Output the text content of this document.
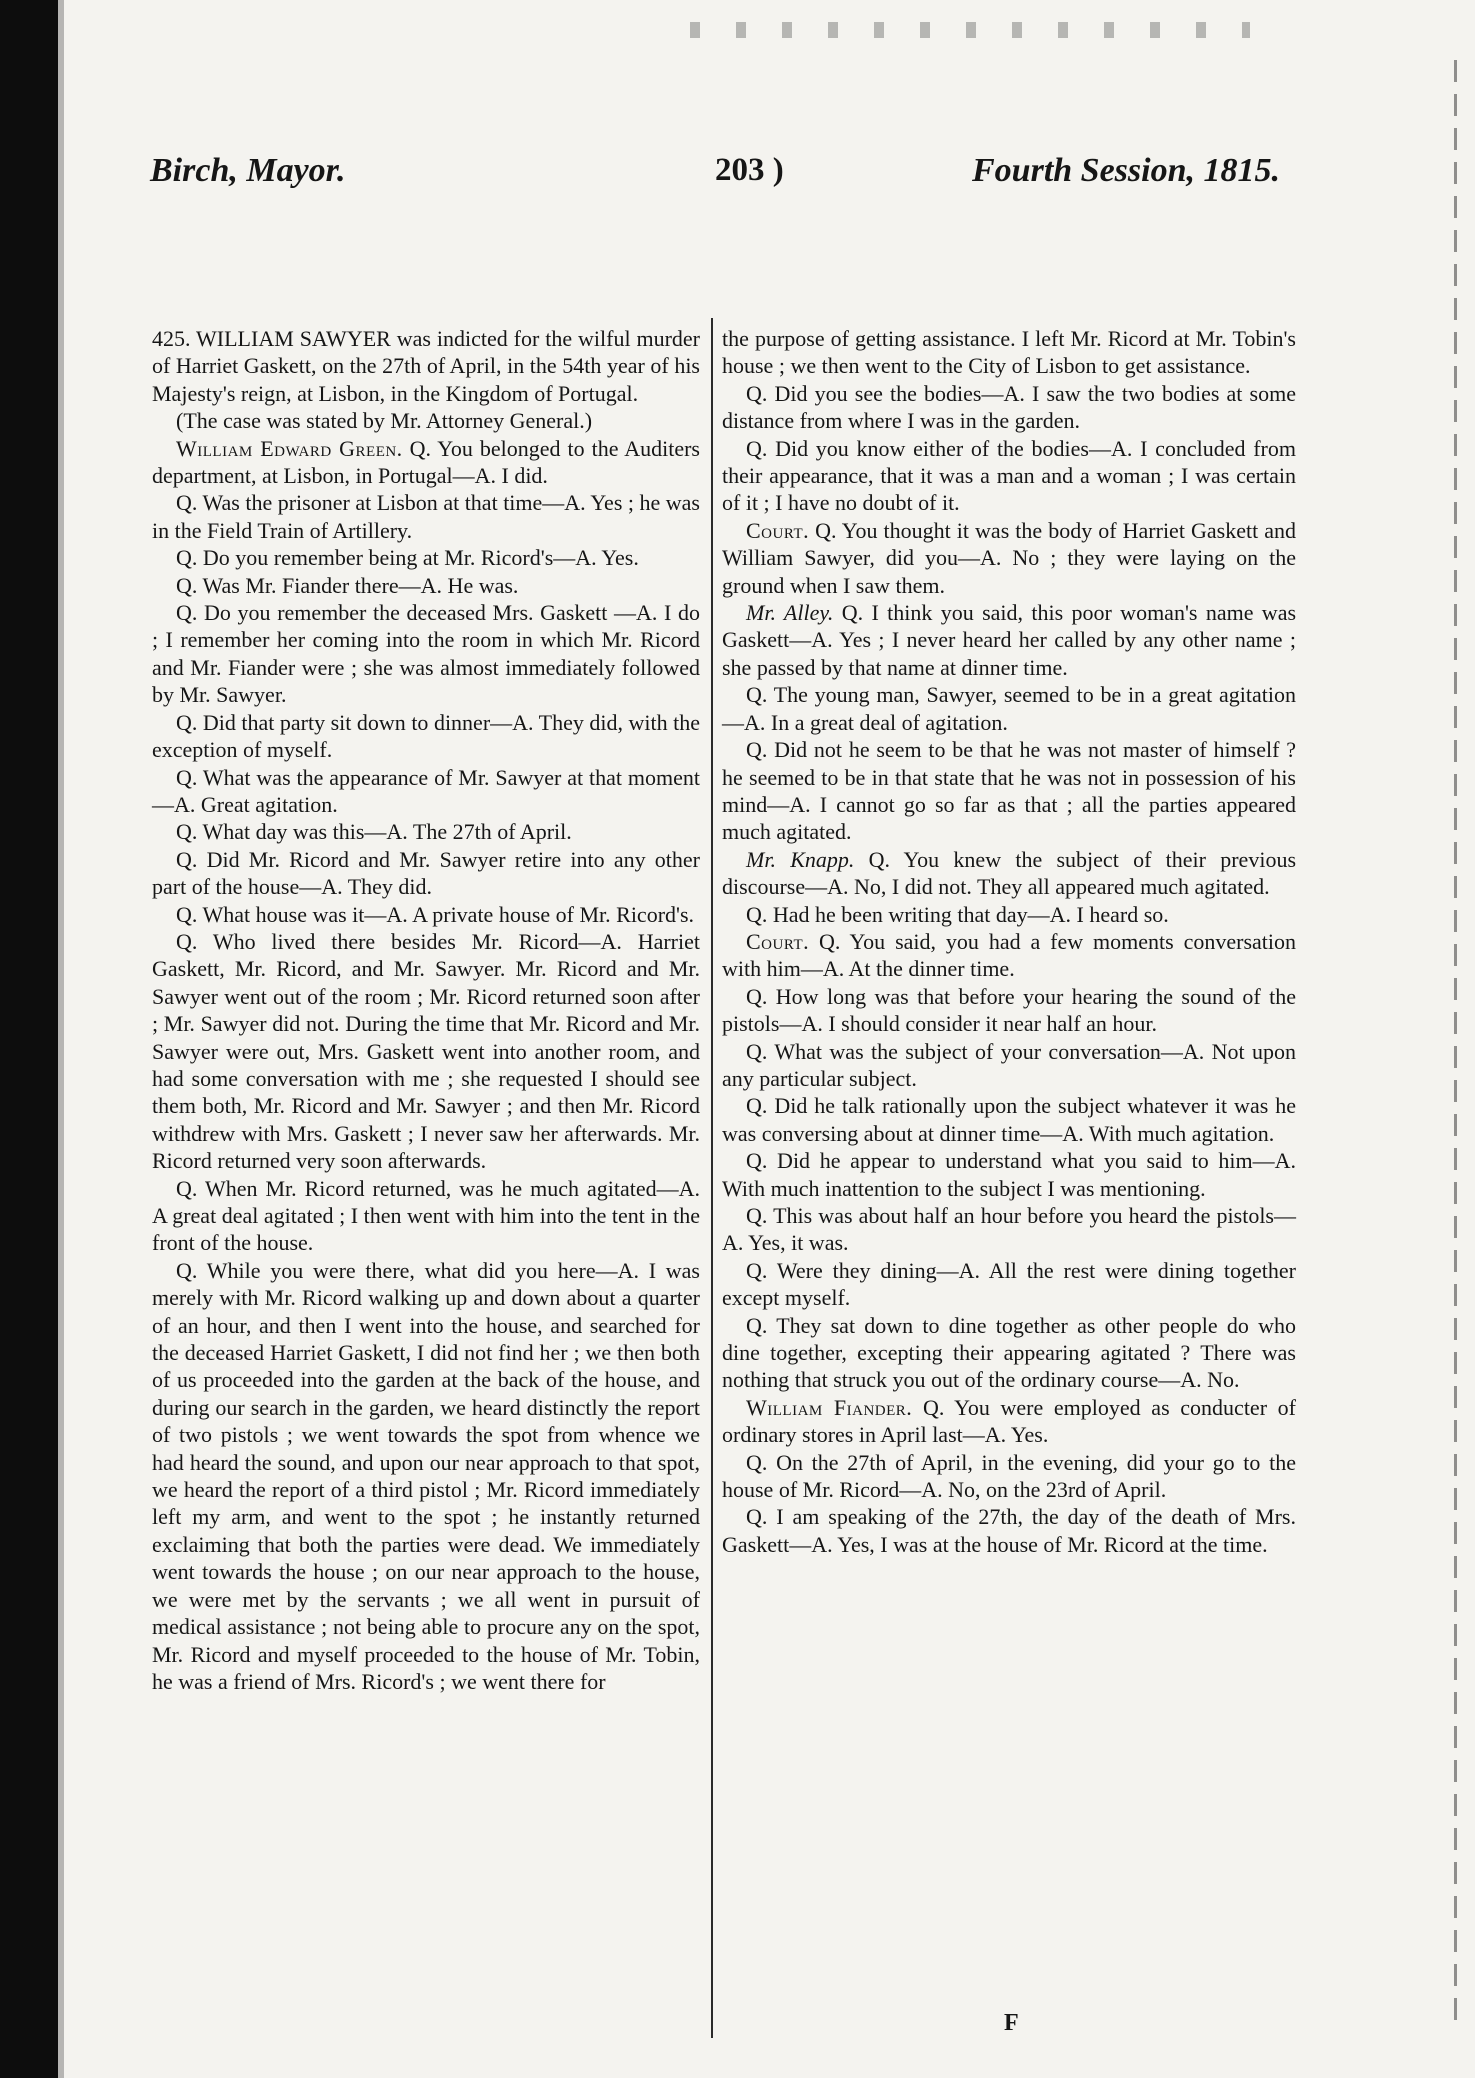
Birch, Mayor.	203 )	Fourth Session, 1815.

425. WILLIAM SAWYER was indicted for the wilful murder of Harriet Gaskett, on the 27th of April, in the 54th year of his Majesty's reign, at Lisbon, in the Kingdom of Portugal.

(The case was stated by Mr. Attorney General.)

William Edward Green. Q. You belonged to the Auditers department, at Lisbon, in Portugal—A. I did.

Q. Was the prisoner at Lisbon at that time—A. Yes ; he was in the Field Train of Artillery.

Q. Do you remember being at Mr. Ricord's—A. Yes.

Q. Was Mr. Fiander there—A. He was.

Q. Do you remember the deceased Mrs. Gaskett —A. I do ; I remember her coming into the room in which Mr. Ricord and Mr. Fiander were ; she was almost immediately followed by Mr. Sawyer.

Q. Did that party sit down to dinner—A. They did, with the exception of myself.

Q. What was the appearance of Mr. Sawyer at that moment—A. Great agitation.

Q. What day was this—A. The 27th of April.

Q. Did Mr. Ricord and Mr. Sawyer retire into any other part of the house—A. They did.

Q. What house was it—A. A private house of Mr. Ricord's.

Q. Who lived there besides Mr. Ricord—A. Harriet Gaskett, Mr. Ricord, and Mr. Sawyer. Mr. Ricord and Mr. Sawyer went out of the room ; Mr. Ricord returned soon after ; Mr. Sawyer did not. During the time that Mr. Ricord and Mr. Sawyer were out, Mrs. Gaskett went into another room, and had some conversation with me ; she requested I should see them both, Mr. Ricord and Mr. Sawyer ; and then Mr. Ricord withdrew with Mrs. Gaskett ; I never saw her afterwards. Mr. Ricord returned very soon afterwards.

Q. When Mr. Ricord returned, was he much agitated—A. A great deal agitated ; I then went with him into the tent in the front of the house.

Q. While you were there, what did you here—A. I was merely with Mr. Ricord walking up and down about a quarter of an hour, and then I went into the house, and searched for the deceased Harriet Gaskett, I did not find her ; we then both of us proceeded into the garden at the back of the house, and during our search in the garden, we heard distinctly the report of two pistols ; we went towards the spot from whence we had heard the sound, and upon our near approach to that spot, we heard the report of a third pistol ; Mr. Ricord immediately left my arm, and went to the spot ; he instantly returned exclaiming that both the parties were dead. We immediately went towards the house ; on our near approach to the house, we were met by the servants ; we all went in pursuit of medical assistance ; not being able to procure any on the spot, Mr. Ricord and myself proceeded to the house of Mr. Tobin, he was a friend of Mrs. Ricord's ; we went there for

the purpose of getting assistance. I left Mr. Ricord at Mr. Tobin's house ; we then went to the City of Lisbon to get assistance.

Q. Did you see the bodies—A. I saw the two bodies at some distance from where I was in the garden.

Q. Did you know either of the bodies—A. I concluded from their appearance, that it was a man and a woman ; I was certain of it ; I have no doubt of it.

Court. Q. You thought it was the body of Harriet Gaskett and William Sawyer, did you—A. No ; they were laying on the ground when I saw them.

Mr. Alley. Q. I think you said, this poor woman's name was Gaskett—A. Yes ; I never heard her called by any other name ; she passed by that name at dinner time.

Q. The young man, Sawyer, seemed to be in a great agitation—A. In a great deal of agitation.

Q. Did not he seem to be that he was not master of himself ? he seemed to be in that state that he was not in possession of his mind—A. I cannot go so far as that ; all the parties appeared much agitated.

Mr. Knapp. Q. You knew the subject of their previous discourse—A. No, I did not. They all appeared much agitated.

Q. Had he been writing that day—A. I heard so.

Court. Q. You said, you had a few moments conversation with him—A. At the dinner time.

Q. How long was that before your hearing the sound of the pistols—A. I should consider it near half an hour.

Q. What was the subject of your conversation—A. Not upon any particular subject.

Q. Did he talk rationally upon the subject whatever it was he was conversing about at dinner time—A. With much agitation.

Q. Did he appear to understand what you said to him—A. With much inattention to the subject I was mentioning.

Q. This was about half an hour before you heard the pistols—A. Yes, it was.

Q. Were they dining—A. All the rest were dining together except myself.

Q. They sat down to dine together as other people do who dine together, excepting their appearing agitated ? There was nothing that struck you out of the ordinary course—A. No.

William Fiander. Q. You were employed as conducter of ordinary stores in April last—A. Yes.

Q. On the 27th of April, in the evening, did your go to the house of Mr. Ricord—A. No, on the 23rd of April.

Q. I am speaking of the 27th, the day of the death of Mrs. Gaskett—A. Yes, I was at the house of Mr. Ricord at the time.

F
